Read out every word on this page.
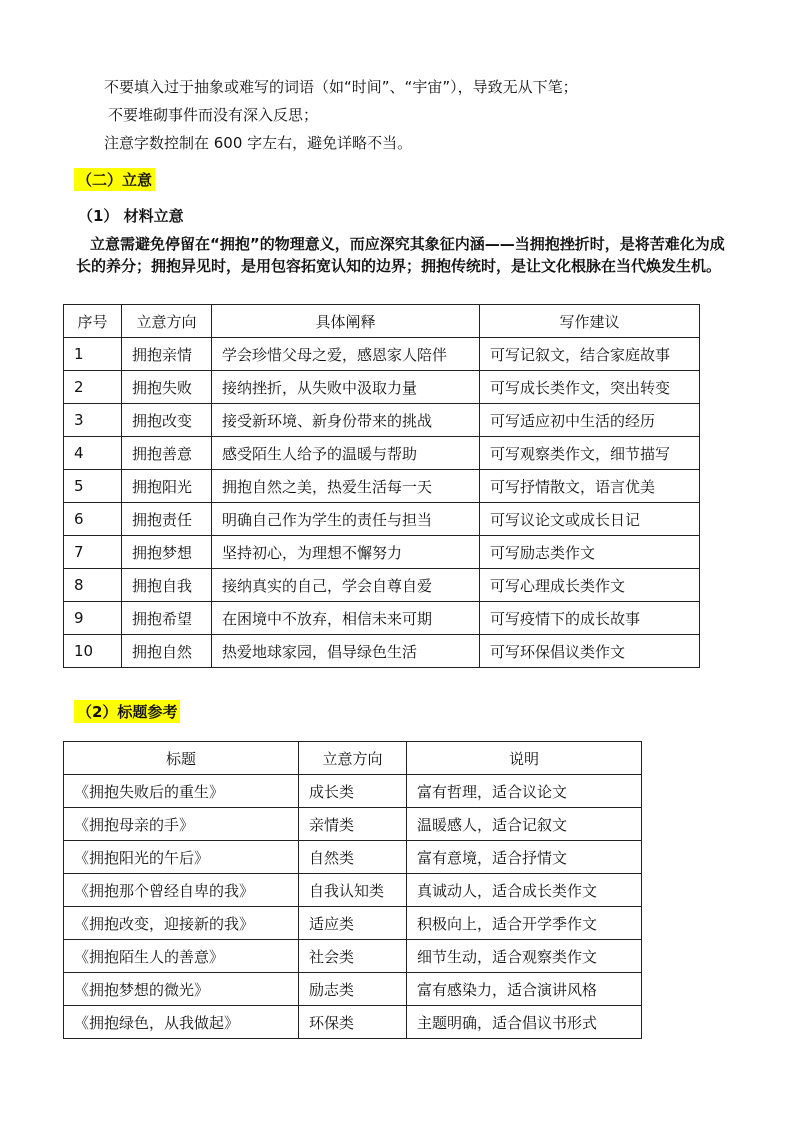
不要填入过于抽象或难写的词语（如“时间”、“宇宙”），导致无从下笔；
不要堆砌事件而没有深入反思；
注意字数控制在 600 字左右，避免详略不当。
（二）立意
（1） 材料立意
立意需避免停留在“拥抱”的物理意义，而应深究其象征内涵——当拥抱挫折时，是将苦难化为成长的养分；拥抱异见时，是用包容拓宽认知的边界；拥抱传统时，是让文化根脉在当代焕发生机。
序号	立意方向	具体阐释	写作建议
1	拥抱亲情	学会珍惜父母之爱，感恩家人陪伴	可写记叙文，结合家庭故事
2	拥抱失败	接纳挫折，从失败中汲取力量	可写成长类作文，突出转变
3	拥抱改变	接受新环境、新身份带来的挑战	可写适应初中生活的经历
4	拥抱善意	感受陌生人给予的温暖与帮助	可写观察类作文，细节描写
5	拥抱阳光	拥抱自然之美，热爱生活每一天	可写抒情散文，语言优美
6	拥抱责任	明确自己作为学生的责任与担当	可写议论文或成长日记
7	拥抱梦想	坚持初心，为理想不懈努力	可写励志类作文
8	拥抱自我	接纳真实的自己，学会自尊自爱	可写心理成长类作文
9	拥抱希望	在困境中不放弃，相信未来可期	可写疫情下的成长故事
10	拥抱自然	热爱地球家园，倡导绿色生活	可写环保倡议类作文
（2）标题参考
标题	立意方向	说明
《拥抱失败后的重生》	成长类	富有哲理，适合议论文
《拥抱母亲的手》	亲情类	温暖感人，适合记叙文
《拥抱阳光的午后》	自然类	富有意境，适合抒情文
《拥抱那个曾经自卑的我》	自我认知类	真诚动人，适合成长类作文
《拥抱改变，迎接新的我》	适应类	积极向上，适合开学季作文
《拥抱陌生人的善意》	社会类	细节生动，适合观察类作文
《拥抱梦想的微光》	励志类	富有感染力，适合演讲风格
《拥抱绿色，从我做起》	环保类	主题明确，适合倡议书形式
